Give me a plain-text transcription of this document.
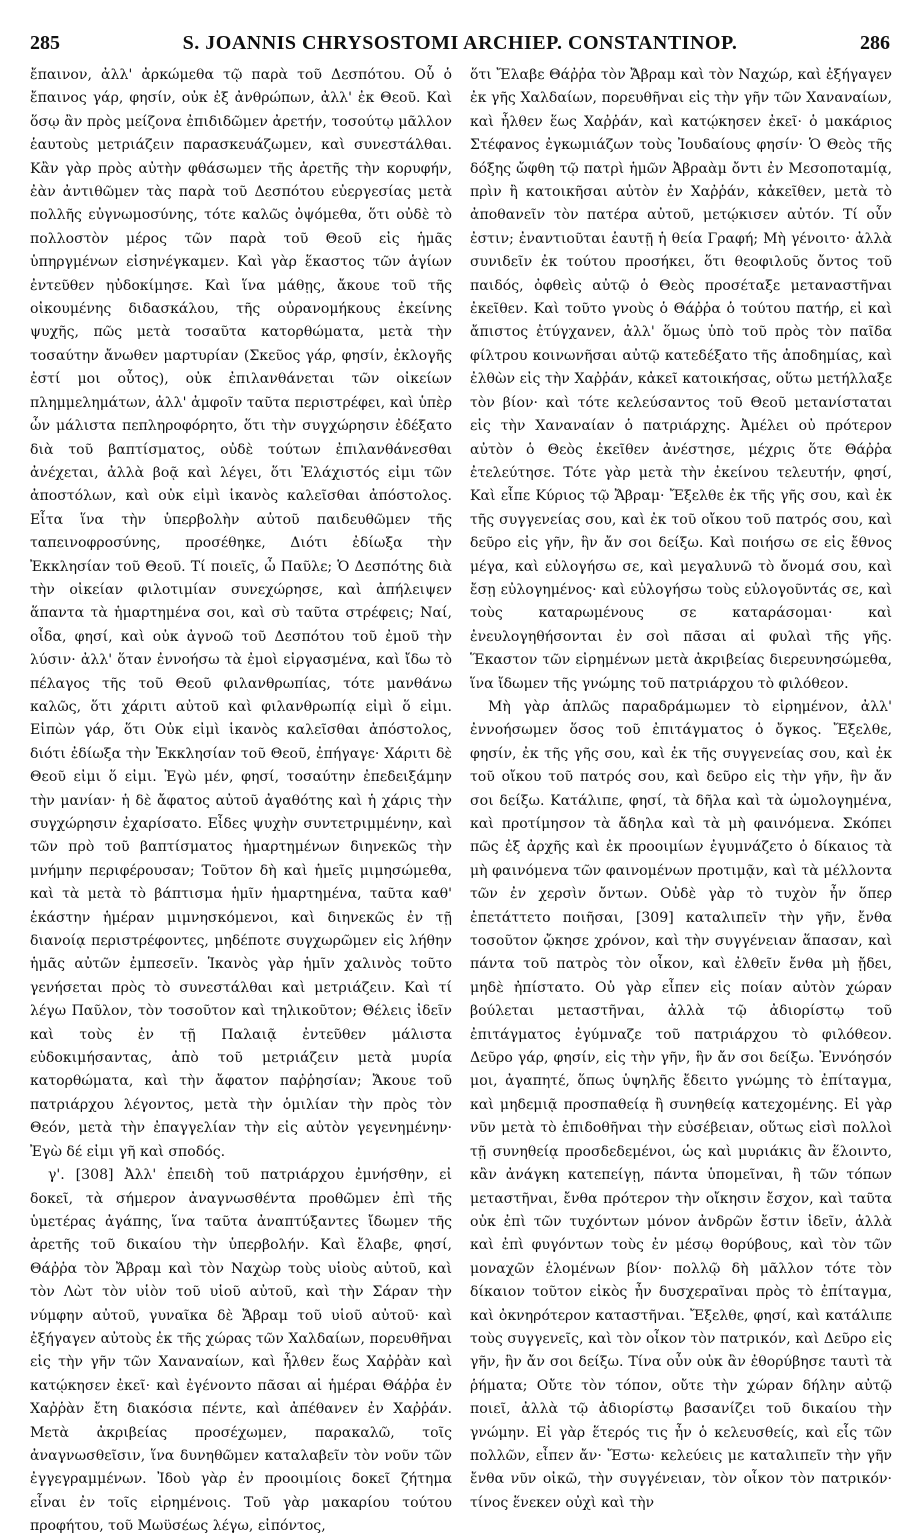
285	S. JOANNIS CHRYSOSTOMI ARCHIEP. CONSTANTINOP.	286

ἔπαινον, ἀλλ' ἀρκώμεθα τῷ παρὰ τοῦ Δεσπότου. Οὗ ὁ ἔπαινος γάρ, φησίν, οὐκ ἐξ ἀνθρώπων, ἀλλ' ἐκ Θεοῦ. Καὶ ὅσῳ ἂν πρὸς μείζονα ἐπιδιδῶμεν ἀρετήν, τοσούτῳ μᾶλλον ἑαυτοὺς μετριάζειν παρασκευάζωμεν, καὶ συνεστάλθαι. Κἂν γὰρ πρὸς αὐτὴν φθάσωμεν τῆς ἀρετῆς τὴν κορυφήν, ἐὰν ἀντιθῶμεν τὰς παρὰ τοῦ Δεσπότου εὐεργεσίας μετὰ πολλῆς εὐγνωμοσύνης, τότε καλῶς ὀψόμεθα, ὅτι οὐδὲ τὸ πολλοστὸν μέρος τῶν παρὰ τοῦ Θεοῦ εἰς ἡμᾶς ὑπηργμένων εἰσηνέγκαμεν. Καὶ γὰρ ἕκαστος τῶν ἁγίων ἐντεῦθεν ηὐδοκίμησε. Καὶ ἵνα μάθῃς, ἄκουε τοῦ τῆς οἰκουμένης διδασκάλου, τῆς οὐρανομήκους ἐκείνης ψυχῆς, πῶς μετὰ τοσαῦτα κατορθώματα, μετὰ τὴν τοσαύτην ἄνωθεν μαρτυρίαν (Σκεῦος γάρ, φησίν, ἐκλογῆς ἐστί μοι οὗτος), οὐκ ἐπιλανθάνεται τῶν οἰκείων πλημμελημάτων, ἀλλ' ἀμφοῖν ταῦτα περιστρέφει, καὶ ὑπὲρ ὧν μάλιστα πεπληροφόρητο, ὅτι τὴν συγχώρησιν ἐδέξατο διὰ τοῦ βαπτίσματος, οὐδὲ τούτων ἐπιλανθάνεσθαι ἀνέχεται, ἀλλὰ βοᾷ καὶ λέγει, ὅτι Ἐλάχιστός εἰμι τῶν ἀποστόλων, καὶ οὐκ εἰμὶ ἱκανὸς καλεῖσθαι ἀπόστολος. Εἶτα ἵνα τὴν ὑπερβολὴν αὐτοῦ παιδευθῶμεν τῆς ταπεινοφροσύνης, προσέθηκε, Διότι ἐδίωξα τὴν Ἐκκλησίαν τοῦ Θεοῦ. Τί ποιεῖς, ὦ Παῦλε; Ὁ Δεσπότης διὰ τὴν οἰκείαν φιλοτιμίαν συνεχώρησε, καὶ ἀπήλειψεν ἅπαντα τὰ ἡμαρτημένα σοι, καὶ σὺ ταῦτα στρέφεις; Ναί, οἶδα, φησί, καὶ οὐκ ἀγνοῶ τοῦ Δεσπότου τοῦ ἐμοῦ τὴν λύσιν· ἀλλ' ὅταν ἐννοήσω τὰ ἐμοὶ εἰργασμένα, καὶ ἴδω τὸ πέλαγος τῆς τοῦ Θεοῦ φιλανθρωπίας, τότε μανθάνω καλῶς, ὅτι χάριτι αὐτοῦ καὶ φιλανθρωπίᾳ εἰμὶ ὅ εἰμι. Εἰπὼν γάρ, ὅτι Οὐκ εἰμὶ ἱκανὸς καλεῖσθαι ἀπόστολος, διότι ἐδίωξα τὴν Ἐκκλησίαν τοῦ Θεοῦ, ἐπήγαγε· Χάριτι δὲ Θεοῦ εἰμι ὅ εἰμι. Ἐγὼ μέν, φησί, τοσαύτην ἐπεδειξάμην τὴν μανίαν· ἡ δὲ ἄφατος αὐτοῦ ἀγαθότης καὶ ἡ χάρις τὴν συγχώρησιν ἐχαρίσατο. Εἶδες ψυχὴν συντετριμμένην, καὶ τῶν πρὸ τοῦ βαπτίσματος ἡμαρτημένων διηνεκῶς τὴν μνήμην περιφέρουσαν; Τοῦτον δὴ καὶ ἡμεῖς μιμησώμεθα, καὶ τὰ μετὰ τὸ βάπτισμα ἡμῖν ἡμαρτημένα, ταῦτα καθ' ἑκάστην ἡμέραν μιμνησκόμενοι, καὶ διηνεκῶς ἐν τῇ διανοίᾳ περιστρέφοντες, μηδέποτε συγχωρῶμεν εἰς λήθην ἡμᾶς αὐτῶν ἐμπεσεῖν. Ἱκανὸς γὰρ ἡμῖν χαλινὸς τοῦτο γενήσεται πρὸς τὸ συνεστάλθαι καὶ μετριάζειν. Καὶ τί λέγω Παῦλον, τὸν τοσοῦτον καὶ τηλικοῦτον; Θέλεις ἰδεῖν καὶ τοὺς ἐν τῇ Παλαιᾷ ἐντεῦθεν μάλιστα εὐδοκιμήσαντας, ἀπὸ τοῦ μετριάζειν μετὰ μυρία κατορθώματα, καὶ τὴν ἄφατον παῤῥησίαν; Ἄκουε τοῦ πατριάρχου λέγοντος, μετὰ τὴν ὁμιλίαν τὴν πρὸς τὸν Θεόν, μετὰ τὴν ἐπαγγελίαν τὴν εἰς αὐτὸν γεγενημένην· Ἐγὼ δέ εἰμι γῆ καὶ σποδός.

γ'. [308] Ἀλλ' ἐπειδὴ τοῦ πατριάρχου ἐμνήσθην, εἰ δοκεῖ, τὰ σήμερον ἀναγνωσθέντα προθῶμεν ἐπὶ τῆς ὑμετέρας ἀγάπης, ἵνα ταῦτα ἀναπτύξαντες ἴδωμεν τῆς ἀρετῆς τοῦ δικαίου τὴν ὑπερβολήν. Καὶ ἔλαβε, φησί, Θάῤῥα τὸν Ἄβραμ καὶ τὸν Ναχὼρ τοὺς υἱοὺς αὐτοῦ, καὶ τὸν Λὼτ τὸν υἱὸν τοῦ υἱοῦ αὐτοῦ, καὶ τὴν Σάραν τὴν νύμφην αὐτοῦ, γυναῖκα δὲ Ἄβραμ τοῦ υἱοῦ αὐτοῦ· καὶ ἐξήγαγεν αὐτοὺς ἐκ τῆς χώρας τῶν Χαλδαίων, πορευθῆναι εἰς τὴν γῆν τῶν Χαναναίων, καὶ ἦλθεν ἕως Χαῤῥὰν καὶ κατῴκησεν ἐκεῖ· καὶ ἐγένοντο πᾶσαι αἱ ἡμέραι Θάῤῥα ἐν Χαῤῥὰν ἔτη διακόσια πέντε, καὶ ἀπέθανεν ἐν Χαῤῥάν. Μετὰ ἀκριβείας προσέχωμεν, παρακαλῶ, τοῖς ἀναγνωσθεῖσιν, ἵνα δυνηθῶμεν καταλαβεῖν τὸν νοῦν τῶν ἐγγεγραμμένων. Ἰδοὺ γὰρ ἐν προοιμίοις δοκεῖ ζήτημα εἶναι ἐν τοῖς εἰρημένοις. Τοῦ γὰρ μακαρίου τούτου προφήτου, τοῦ Μωϋσέως λέγω, εἰπόντος,

ὅτι Ἔλαβε Θάῤῥα τὸν Ἄβραμ καὶ τὸν Ναχώρ, καὶ ἐξήγαγεν ἐκ γῆς Χαλδαίων, πορευθῆναι εἰς τὴν γῆν τῶν Χαναναίων, καὶ ἦλθεν ἕως Χαῤῥάν, καὶ κατῴκησεν ἐκεῖ· ὁ μακάριος Στέφανος ἐγκωμιάζων τοὺς Ἰουδαίους φησίν· Ὁ Θεὸς τῆς δόξης ὤφθη τῷ πατρὶ ἡμῶν Ἀβραὰμ ὄντι ἐν Μεσοποταμίᾳ, πρὶν ἢ κατοικῆσαι αὐτὸν ἐν Χαῤῥάν, κἀκεῖθεν, μετὰ τὸ ἀποθανεῖν τὸν πατέρα αὐτοῦ, μετῴκισεν αὐτόν. Τί οὖν ἐστιν; ἐναντιοῦται ἑαυτῇ ἡ θεία Γραφή; Μὴ γένοιτο· ἀλλὰ συνιδεῖν ἐκ τούτου προσήκει, ὅτι θεοφιλοῦς ὄντος τοῦ παιδός, ὀφθεὶς αὐτῷ ὁ Θεὸς προσέταξε μεταναστῆναι ἐκεῖθεν. Καὶ τοῦτο γνοὺς ὁ Θάῤῥα ὁ τούτου πατήρ, εἰ καὶ ἄπιστος ἐτύγχανεν, ἀλλ' ὅμως ὑπὸ τοῦ πρὸς τὸν παῖδα φίλτρου κοινωνῆσαι αὐτῷ κατεδέξατο τῆς ἀποδημίας, καὶ ἐλθὼν εἰς τὴν Χαῤῥάν, κἀκεῖ κατοικήσας, οὕτω μετήλλαξε τὸν βίον· καὶ τότε κελεύσαντος τοῦ Θεοῦ μετανίσταται εἰς τὴν Χαναναίαν ὁ πατριάρχης. Ἀμέλει οὐ πρότερον αὐτὸν ὁ Θεὸς ἐκεῖθεν ἀνέστησε, μέχρις ὅτε Θάῤῥα ἐτελεύτησε. Τότε γὰρ μετὰ τὴν ἐκείνου τελευτήν, φησί, Καὶ εἶπε Κύριος τῷ Ἄβραμ· Ἔξελθε ἐκ τῆς γῆς σου, καὶ ἐκ τῆς συγγενείας σου, καὶ ἐκ τοῦ οἴκου τοῦ πατρός σου, καὶ δεῦρο εἰς γῆν, ἣν ἄν σοι δείξω. Καὶ ποιήσω σε εἰς ἔθνος μέγα, καὶ εὐλογήσω σε, καὶ μεγαλυνῶ τὸ ὄνομά σου, καὶ ἔσῃ εὐλογημένος· καὶ εὐλογήσω τοὺς εὐλογοῦντάς σε, καὶ τοὺς καταρωμένους σε καταράσομαι· καὶ ἐνευλογηθήσονται ἐν σοὶ πᾶσαι αἱ φυλαὶ τῆς γῆς. Ἕκαστον τῶν εἰρημένων μετὰ ἀκριβείας διερευνησώμεθα, ἵνα ἴδωμεν τῆς γνώμης τοῦ πατριάρχου τὸ φιλόθεον.

Μὴ γὰρ ἁπλῶς παραδράμωμεν τὸ εἰρημένον, ἀλλ' ἐννοήσωμεν ὅσος τοῦ ἐπιτάγματος ὁ ὄγκος. Ἔξελθε, φησίν, ἐκ τῆς γῆς σου, καὶ ἐκ τῆς συγγενείας σου, καὶ ἐκ τοῦ οἴκου τοῦ πατρός σου, καὶ δεῦρο εἰς τὴν γῆν, ἣν ἄν σοι δείξω. Κατάλιπε, φησί, τὰ δῆλα καὶ τὰ ὡμολογημένα, καὶ προτίμησον τὰ ἄδηλα καὶ τὰ μὴ φαινόμενα. Σκόπει πῶς ἐξ ἀρχῆς καὶ ἐκ προοιμίων ἐγυμνάζετο ὁ δίκαιος τὰ μὴ φαινόμενα τῶν φαινομένων προτιμᾷν, καὶ τὰ μέλλοντα τῶν ἐν χερσὶν ὄντων. Οὐδὲ γὰρ τὸ τυχὸν ἦν ὅπερ ἐπετάττετο ποιῆσαι, [309] καταλιπεῖν τὴν γῆν, ἔνθα τοσοῦτον ᾤκησε χρόνον, καὶ τὴν συγγένειαν ἅπασαν, καὶ πάντα τοῦ πατρὸς τὸν οἶκον, καὶ ἐλθεῖν ἔνθα μὴ ᾔδει, μηδὲ ἠπίστατο. Οὐ γὰρ εἶπεν εἰς ποίαν αὐτὸν χώραν βούλεται μεταστῆναι, ἀλλὰ τῷ ἀδιορίστῳ τοῦ ἐπιτάγματος ἐγύμναζε τοῦ πατριάρχου τὸ φιλόθεον. Δεῦρο γάρ, φησίν, εἰς τὴν γῆν, ἣν ἄν σοι δείξω. Ἐννόησόν μοι, ἀγαπητέ, ὅπως ὑψηλῆς ἔδειτο γνώμης τὸ ἐπίταγμα, καὶ μηδεμιᾷ προσπαθείᾳ ἢ συνηθείᾳ κατεχομένης. Εἰ γὰρ νῦν μετὰ τὸ ἐπιδοθῆναι τὴν εὐσέβειαν, οὕτως εἰσὶ πολλοὶ τῇ συνηθείᾳ προσδεδεμένοι, ὡς καὶ μυριάκις ἂν ἕλοιντο, κἂν ἀνάγκη κατεπείγῃ, πάντα ὑπομεῖναι, ἢ τῶν τόπων μεταστῆναι, ἔνθα πρότερον τὴν οἴκησιν ἔσχον, καὶ ταῦτα οὐκ ἐπὶ τῶν τυχόντων μόνον ἀνδρῶν ἔστιν ἰδεῖν, ἀλλὰ καὶ ἐπὶ φυγόντων τοὺς ἐν μέσῳ θορύβους, καὶ τὸν τῶν μοναχῶν ἑλομένων βίον· πολλῷ δὴ μᾶλλον τότε τὸν δίκαιον τοῦτον εἰκὸς ἦν δυσχεραῖναι πρὸς τὸ ἐπίταγμα, καὶ ὀκνηρότερον καταστῆναι. Ἔξελθε, φησί, καὶ κατάλιπε τοὺς συγγενεῖς, καὶ τὸν οἶκον τὸν πατρικόν, καὶ Δεῦρο εἰς γῆν, ἣν ἄν σοι δείξω. Τίνα οὖν οὐκ ἂν ἐθορύβησε ταυτὶ τὰ ῥήματα; Οὔτε τὸν τόπον, οὔτε τὴν χώραν δήλην αὐτῷ ποιεῖ, ἀλλὰ τῷ ἀδιορίστῳ βασανίζει τοῦ δικαίου τὴν γνώμην. Εἰ γὰρ ἕτερός τις ἦν ὁ κελευσθείς, καὶ εἷς τῶν πολλῶν, εἶπεν ἄν· Ἔστω· κελεύεις με καταλιπεῖν τὴν γῆν ἔνθα νῦν οἰκῶ, τὴν συγγένειαν, τὸν οἶκον τὸν πατρικόν· τίνος ἕνεκεν οὐχὶ καὶ τὴν
